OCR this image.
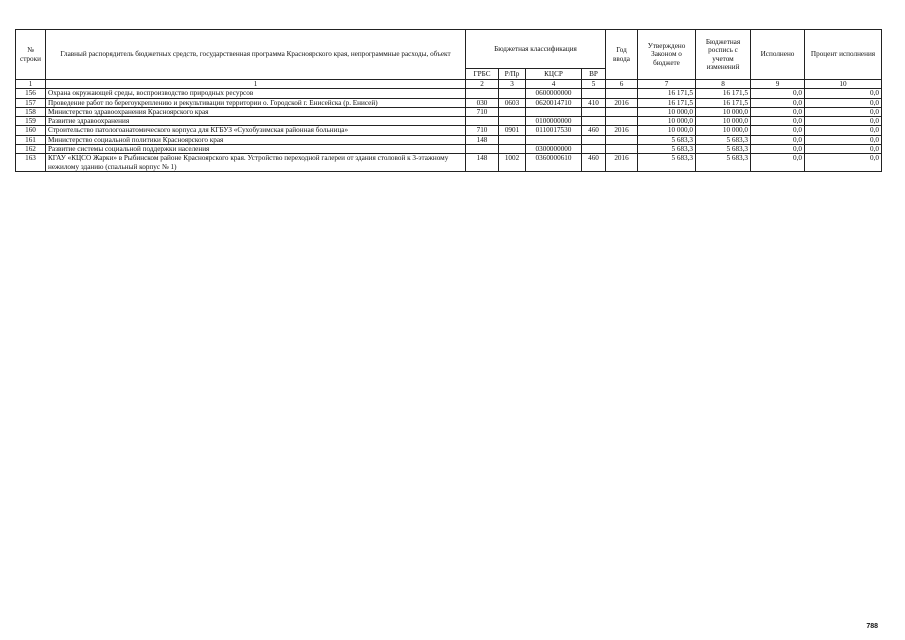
№ строки	Главный распорядитель бюджетных средств, государственная программа Красноярского края, непрограммные расходы, объект	Бюджетная классификация				Год ввода	Утверждено Законом о бюджете	Бюджетная роспись с учетом изменений	Исполнено	Процент исполнения
		ГРБС	Р/Пр	КЦСР	ВР					
1	1	2	3	4	5	6	7	8	9	10
156	Охрана окружающей среды, воспроизводство природных ресурсов			0600000000			16 171,5	16 171,5	0,0	0,0
157	Проведение работ по берегоукреплению и рекультивации территории о. Городской г. Енисейска (р. Енисей)	030	0603	0620014710	410	2016	16 171,5	16 171,5	0,0	0,0
158	Министерство здравоохранения Красноярского края	710					10 000,0	10 000,0	0,0	0,0
159	Развитие здравоохранения			0100000000			10 000,0	10 000,0	0,0	0,0
160	Строительство патологоанатомического корпуса для КГБУЗ «Сухобузимская районная больница»	710	0901	0110017530	460	2016	10 000,0	10 000,0	0,0	0,0
161	Министерство социальной политики Красноярского края	148					5 683,3	5 683,3	0,0	0,0
162	Развитие системы социальной поддержки населения			0300000000			5 683,3	5 683,3	0,0	0,0
163	КГАУ «КЦСО Жарки» в Рыбинском районе Красноярского края. Устройство переходной галереи от здания столовой к 3-этажному нежилому зданию (спальный корпус № 1)	148	1002	0360000610	460	2016	5 683,3	5 683,3	0,0	0,0
788
